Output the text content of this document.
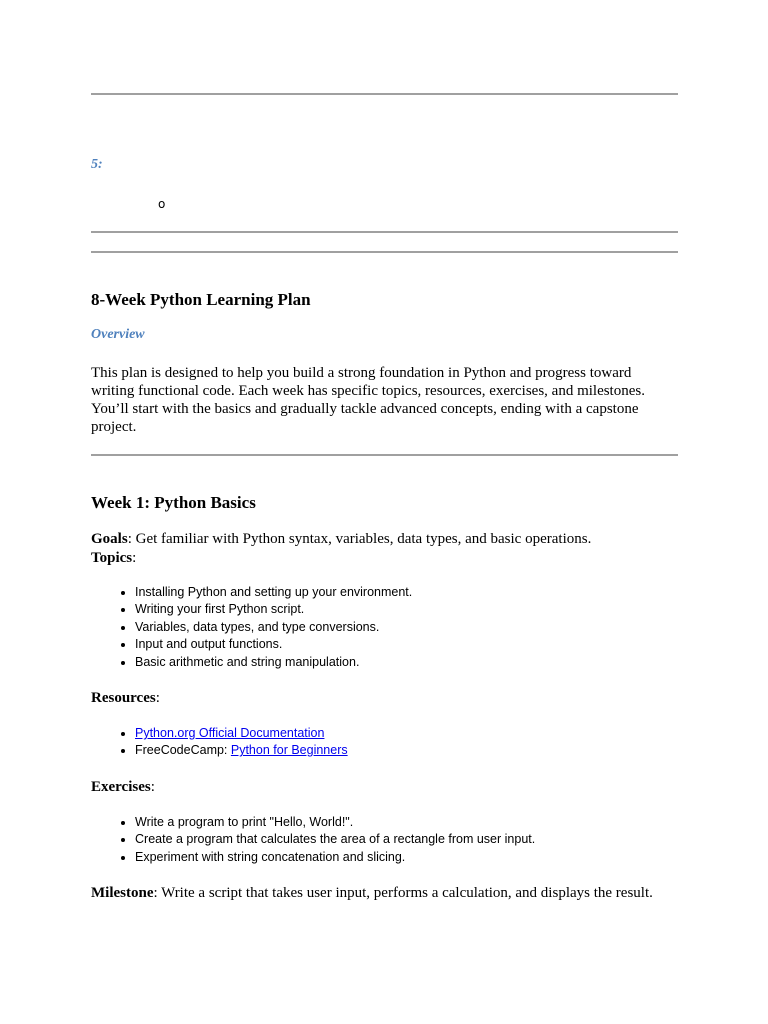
5:
o
8-Week Python Learning Plan
Overview
This plan is designed to help you build a strong foundation in Python and progress toward writing functional code. Each week has specific topics, resources, exercises, and milestones. You’ll start with the basics and gradually tackle advanced concepts, ending with a capstone project.
Week 1: Python Basics
Goals: Get familiar with Python syntax, variables, data types, and basic operations.
Topics:
• Installing Python and setting up your environment.
• Writing your first Python script.
• Variables, data types, and type conversions.
• Input and output functions.
• Basic arithmetic and string manipulation.
Resources:
• Python.org Official Documentation
• FreeCodeCamp: Python for Beginners
Exercises:
• Write a program to print "Hello, World!".
• Create a program that calculates the area of a rectangle from user input.
• Experiment with string concatenation and slicing.
Milestone: Write a script that takes user input, performs a calculation, and displays the result.
